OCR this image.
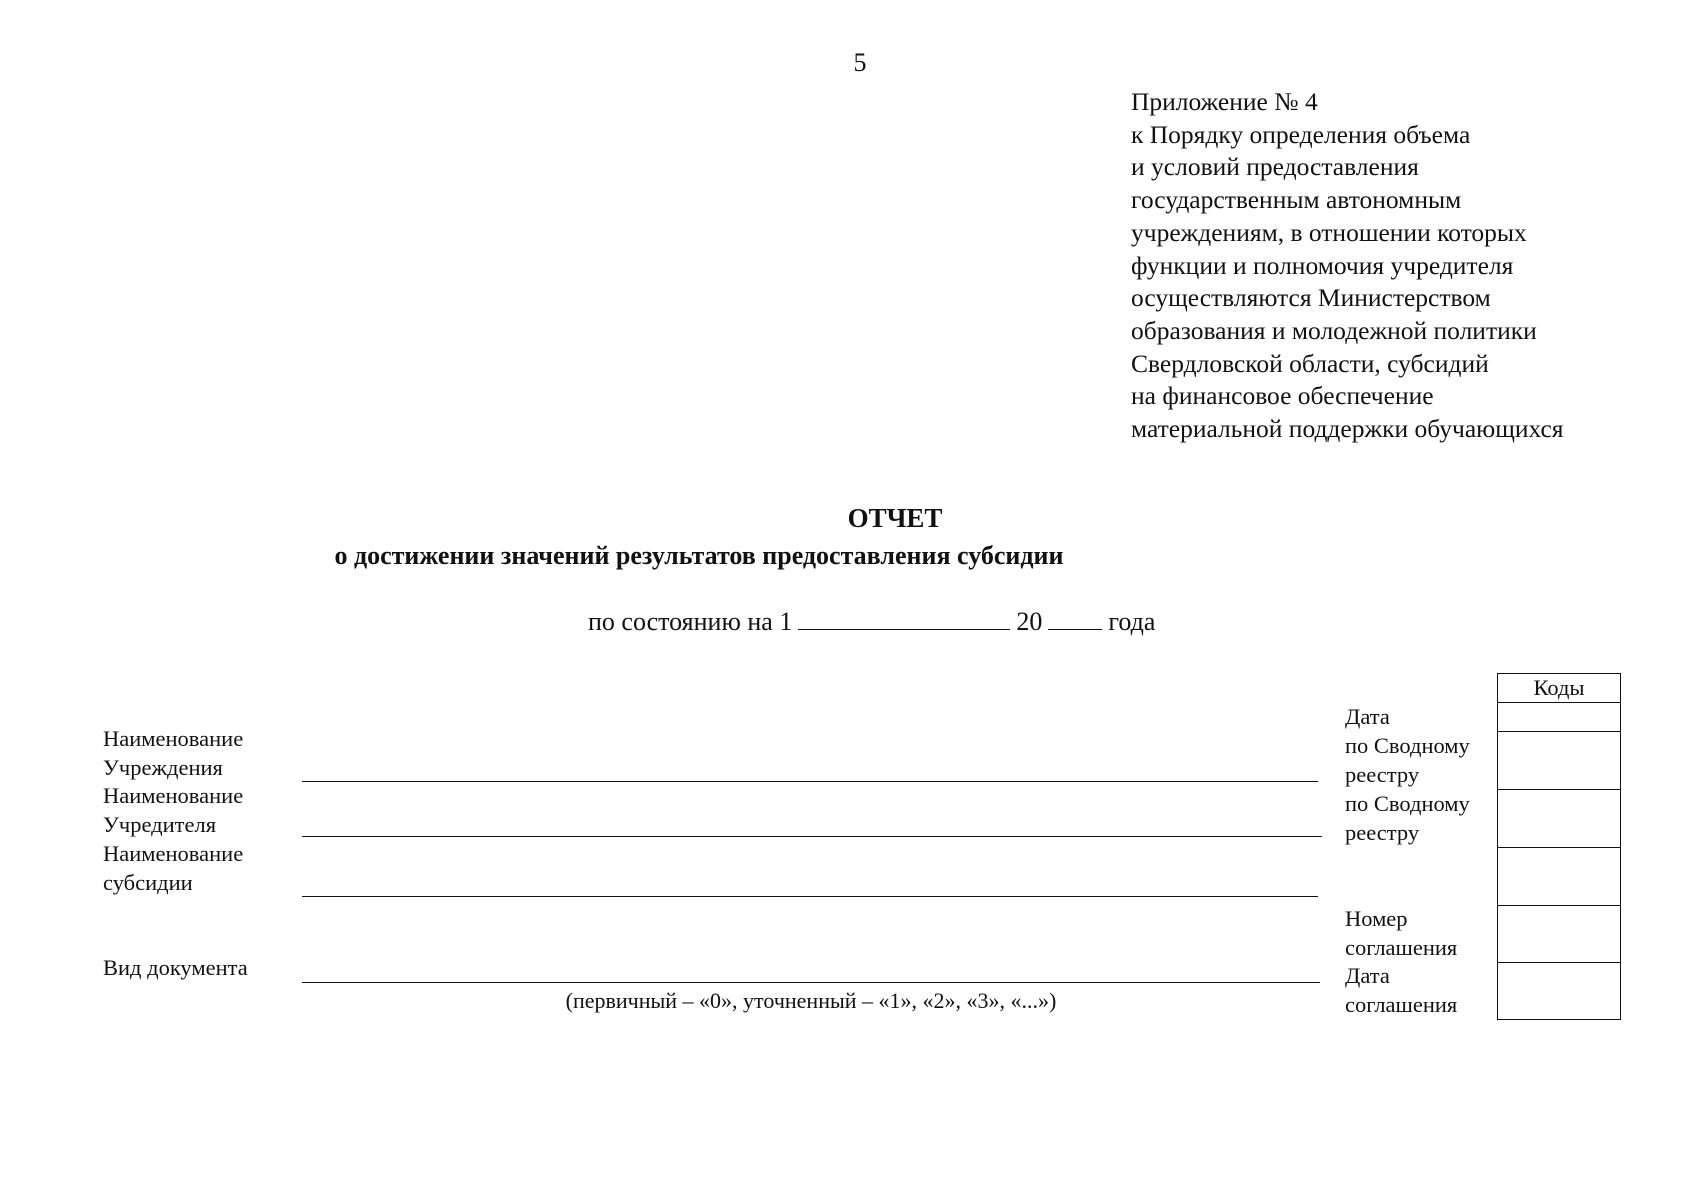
5
Приложение № 4
к Порядку определения объема
и условий предоставления
государственным автономным
учреждениям, в отношении которых
функции и полномочия учредителя
осуществляются Министерством
образования и молодежной политики
Свердловской области, субсидий
на финансовое обеспечение
материальной поддержки обучающихся
ОТЧЕТ
о достижении значений результатов предоставления субсидии
по состоянию на 1	20	года
Наименование
Учреждения
Наименование
Учредителя
Наименование
субсидии
Вид документа
(первичный – «0», уточненный – «1», «2», «3», «...»)
Дата
по Сводному
реестру
по Сводному
реестру
Номер
соглашения
Дата
соглашения
Коды
